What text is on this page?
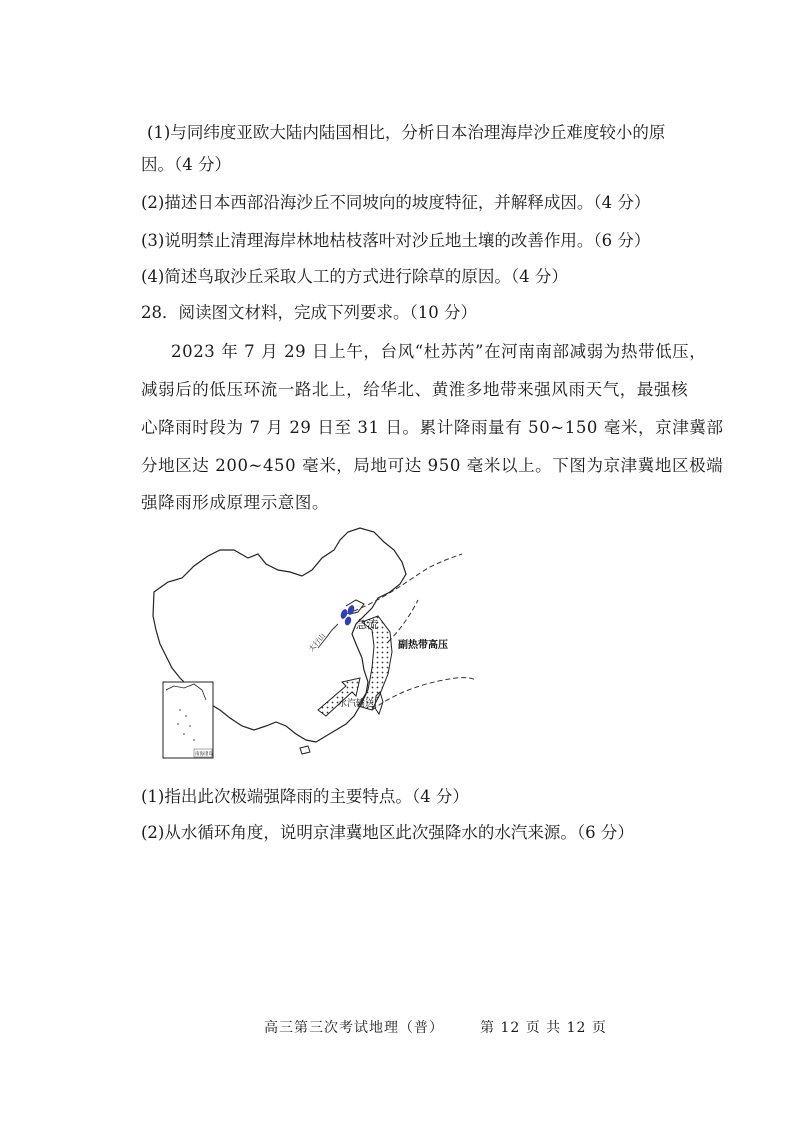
(1)与同纬度亚欧大陆内陆国相比，分析日本治理海岸沙丘难度较小的原
因。（4 分）
(2)描述日本西部沿海沙丘不同坡向的坡度特征，并解释成因。（4 分）
(3)说明禁止清理海岸林地枯枝落叶对沙丘地土壤的改善作用。（6 分）
(4)简述鸟取沙丘采取人工的方式进行除草的原因。（4 分）
28．阅读图文材料，完成下列要求。（10 分）
2023 年 7 月 29 日上午，台风“杜苏芮”在河南南部减弱为热带低压，
减弱后的低压环流一路北上，给华北、黄淮多地带来强风雨天气，最强核
心降雨时段为 7 月 29 日至 31 日。累计降雨量有 50~150 毫米，京津冀部
分地区达 200~450 毫米，局地可达 950 毫米以上。下图为京津冀地区极端
强降雨形成原理示意图。
急流
副热带高压
水汽输送
太行山
南海诸岛
(1)指出此次极端强降雨的主要特点。（4 分）
(2)从水循环角度，说明京津冀地区此次强降水的水汽来源。（6 分）
高三第三次考试地理（普）	第 12 页 共 12 页
